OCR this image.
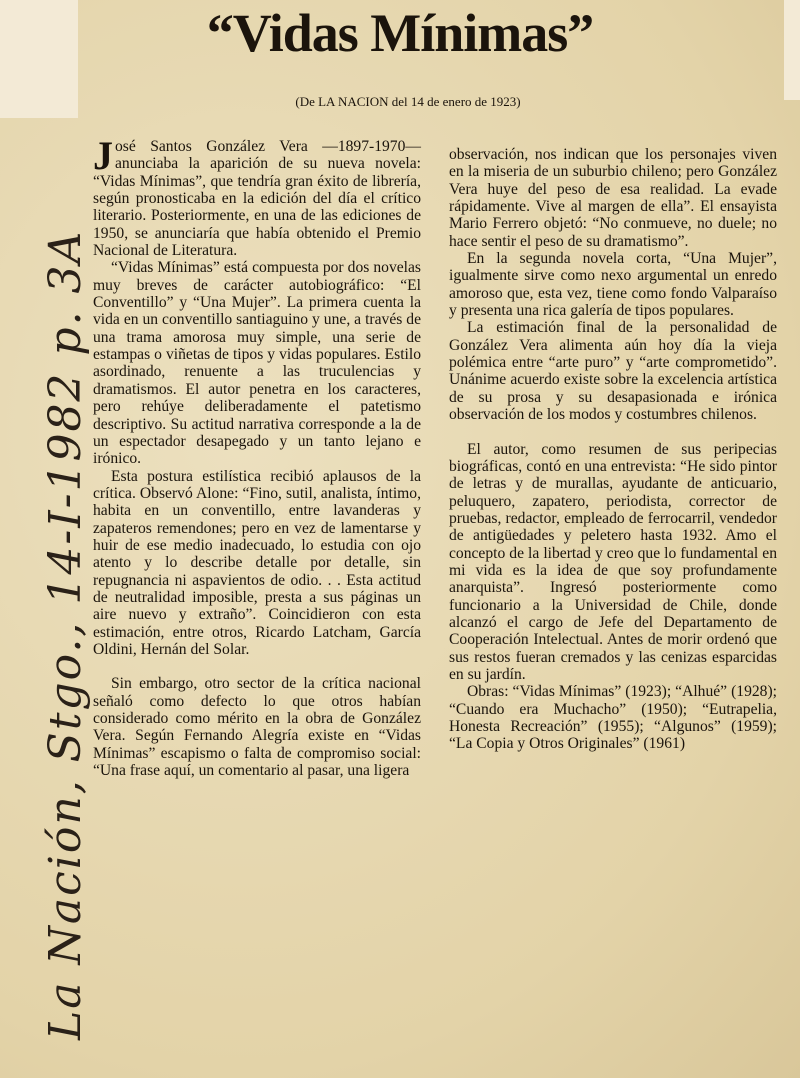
“Vidas Mínimas”
(De LA NACION del 14 de enero de 1923)
La Nación, Stgo., 14-I-1982 p. 3A

José Santos González Vera —1897-1970— anunciaba la aparición de su nueva novela: “Vidas Mínimas”, que tendría gran éxito de librería, según pronosticaba en la edición del día el crítico literario. Posteriormente, en una de las ediciones de 1950, se anunciaría que había obtenido el Premio Nacional de Literatura.

“Vidas Mínimas” está compuesta por dos novelas muy breves de carácter autobiográfico: “El Conventillo” y “Una Mujer”. La primera cuenta la vida en un conventillo santiaguino y une, a través de una trama amorosa muy simple, una serie de estampas o viñetas de tipos y vidas populares. Estilo asordinado, renuente a las truculencias y dramatismos. El autor penetra en los caracteres, pero rehúye deliberadamente el patetismo descriptivo. Su actitud narrativa corresponde a la de un espectador desapegado y un tanto lejano e irónico.

Esta postura estilística recibió aplausos de la crítica. Observó Alone: “Fino, sutil, analista, íntimo, habita en un conventillo, entre lavanderas y zapateros remendones; pero en vez de lamentarse y huir de ese medio inadecuado, lo estudia con ojo atento y lo describe detalle por detalle, sin repugnancia ni aspavientos de odio. . . Esta actitud de neutralidad imposible, presta a sus páginas un aire nuevo y extraño”. Coincidieron con esta estimación, entre otros, Ricardo Latcham, García Oldini, Hernán del Solar.

Sin embargo, otro sector de la crítica nacional señaló como defecto lo que otros habían considerado como mérito en la obra de González Vera. Según Fernando Alegría existe en “Vidas Mínimas” escapismo o falta de compromiso social: “Una frase aquí, un comentario al pasar, una ligera

observación, nos indican que los personajes viven en la miseria de un suburbio chileno; pero González Vera huye del peso de esa realidad. La evade rápidamente. Vive al margen de ella”. El ensayista Mario Ferrero objetó: “No conmueve, no duele; no hace sentir el peso de su dramatismo”.

En la segunda novela corta, “Una Mujer”, igualmente sirve como nexo argumental un enredo amoroso que, esta vez, tiene como fondo Valparaíso y presenta una rica galería de tipos populares.

La estimación final de la personalidad de González Vera alimenta aún hoy día la vieja polémica entre “arte puro” y “arte comprometido”. Unánime acuerdo existe sobre la excelencia artística de su prosa y su desapasionada e irónica observación de los modos y costumbres chilenos.

El autor, como resumen de sus peripecias biográficas, contó en una entrevista: “He sido pintor de letras y de murallas, ayudante de anticuario, peluquero, zapatero, periodista, corrector de pruebas, redactor, empleado de ferrocarril, vendedor de antigüedades y peletero hasta 1932. Amo el concepto de la libertad y creo que lo fundamental en mi vida es la idea de que soy profundamente anarquista”. Ingresó posteriormente como funcionario a la Universidad de Chile, donde alcanzó el cargo de Jefe del Departamento de Cooperación Intelectual. Antes de morir ordenó que sus restos fueran cremados y las cenizas esparcidas en su jardín.

Obras: “Vidas Mínimas” (1923); “Alhué” (1928); “Cuando era Muchacho” (1950); “Eutrapelia, Honesta Recreación” (1955); “Algunos” (1959); “La Copia y Otros Originales” (1961)
